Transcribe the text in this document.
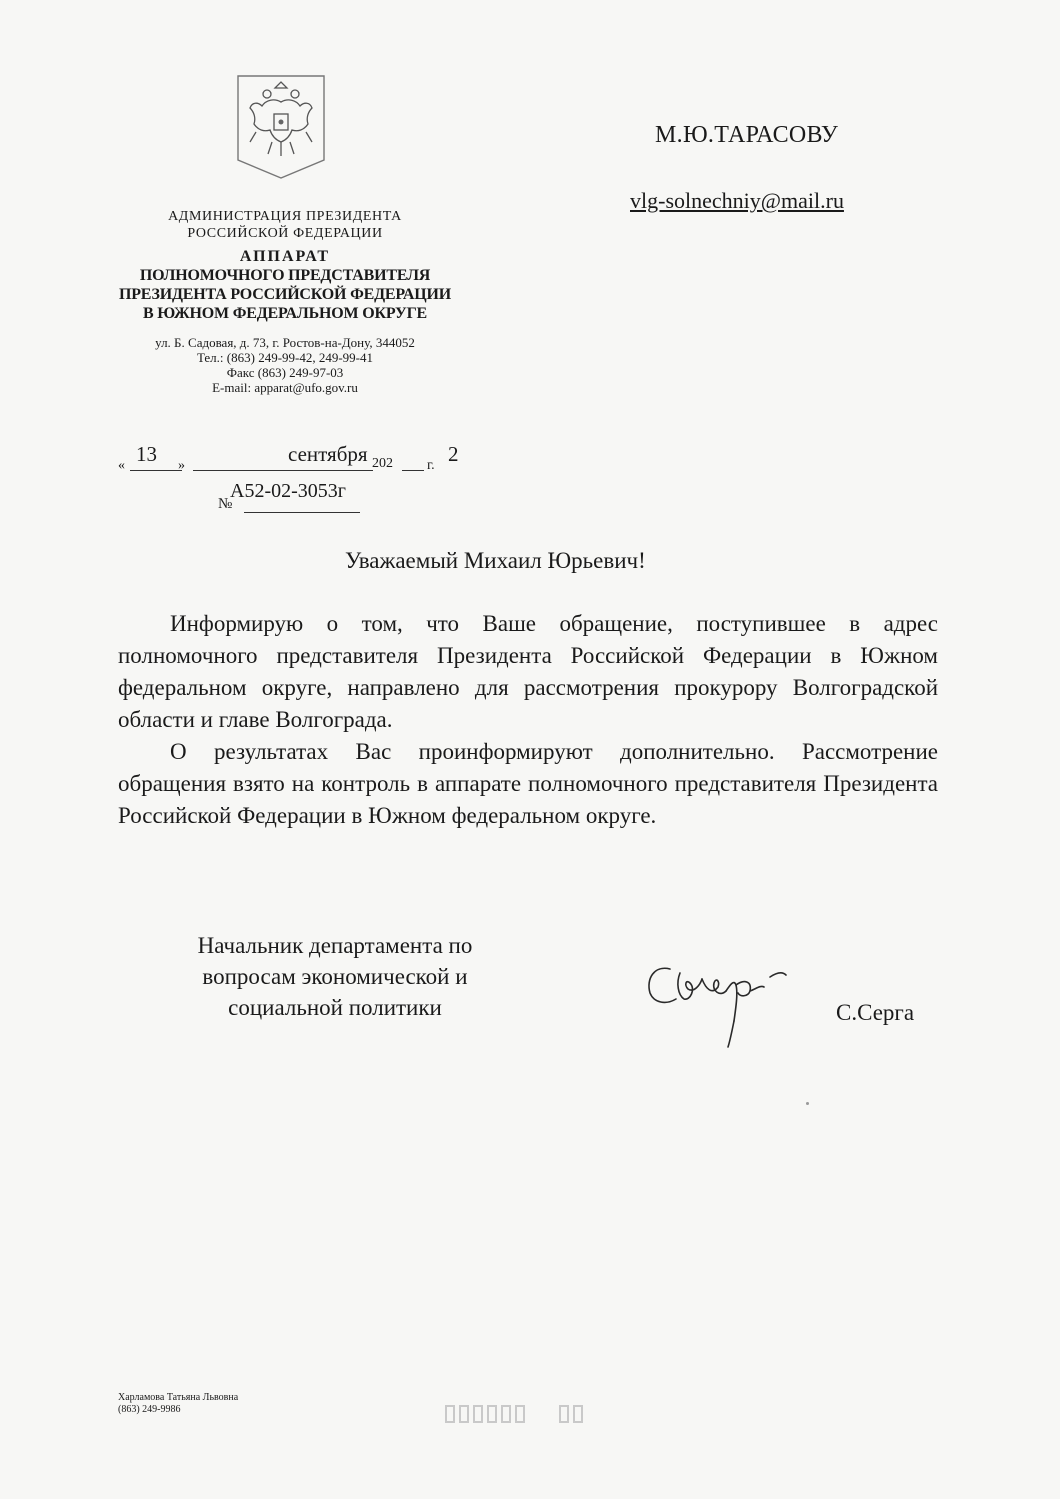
АДМИНИСТРАЦИЯ ПРЕЗИДЕНТА
РОССИЙСКОЙ ФЕДЕРАЦИИ
АППАРАТ
ПОЛНОМОЧНОГО ПРЕДСТАВИТЕЛЯ
ПРЕЗИДЕНТА РОССИЙСКОЙ ФЕДЕРАЦИИ
В ЮЖНОМ ФЕДЕРАЛЬНОМ ОКРУГЕ
ул. Б. Садовая, д. 73, г. Ростов-на-Дону, 344052
Тел.: (863) 249-99-42, 249-99-41
Факс (863) 249-97-03
E-mail: apparat@ufo.gov.ru
« 13 »	сентября 202 г. 2
№
А52-02-3053г
М.Ю.ТАРАСОВУ
vlg-solnechniy@mail.ru
Уважаемый Михаил Юрьевич!

Информирую о том, что Ваше обращение, поступившее в адрес полномочного представителя Президента Российской Федерации в Южном федеральном округе, направлено для рассмотрения прокурору Волгоградской области и главе Волгограда.

О результатах Вас проинформируют дополнительно. Рассмотрение обращения взято на контроль в аппарате полномочного представителя Президента Российской Федерации в Южном федеральном округе.

Начальник департамента по
вопросам экономической и
социальной политики	С.Серга
Харламова Татьяна Львовна
(863) 249-9986
